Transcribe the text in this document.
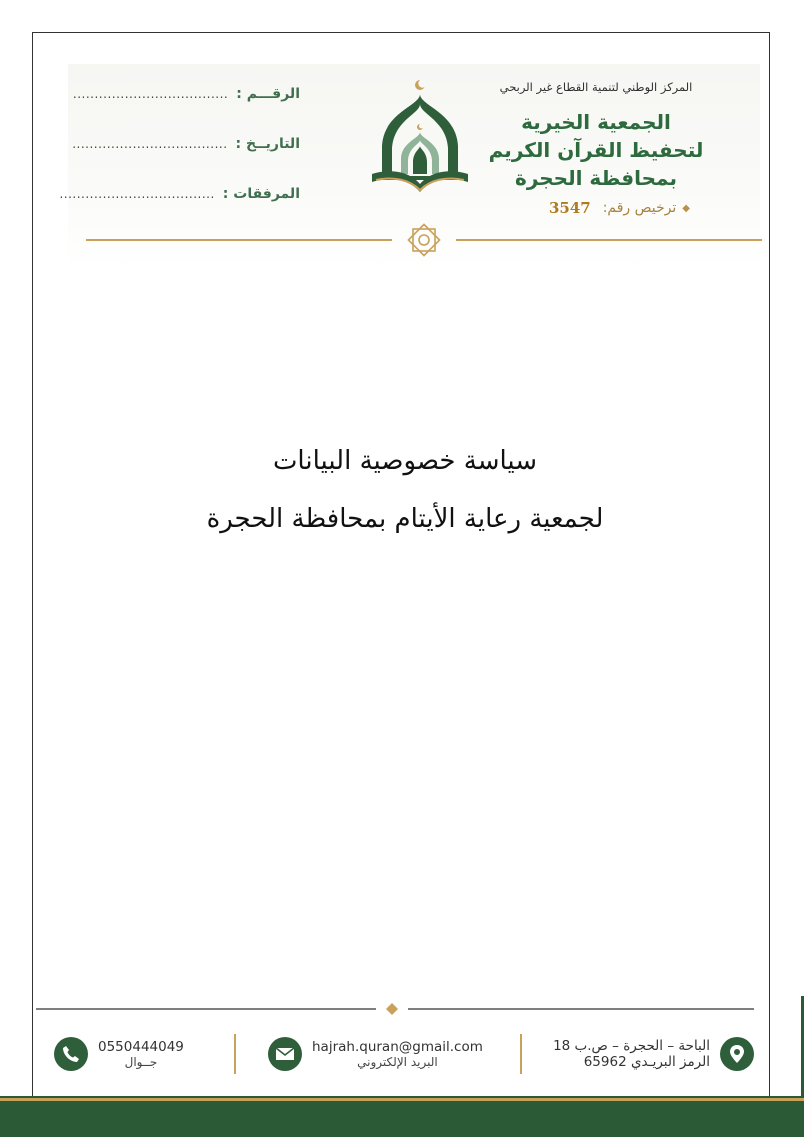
المركز الوطني لتنمية القطاع غير الربحي
الجمعية الخيرية
لتحفيظ القرآن الكريم
بمحافظة الحجرة
◆
ترخيص رقم:
3547
الرقـــم :
....................................
التاريــخ :
....................................
المرفقات :
....................................
سياسة خصوصية البيانات
لجمعية رعاية الأيتام بمحافظة الحجرة
الباحة – الحجرة – ص.ب 18
الرمز البريـدي 65962
hajrah.quran@gmail.com
البريد الإلكتروني
0550444049
جــوال
